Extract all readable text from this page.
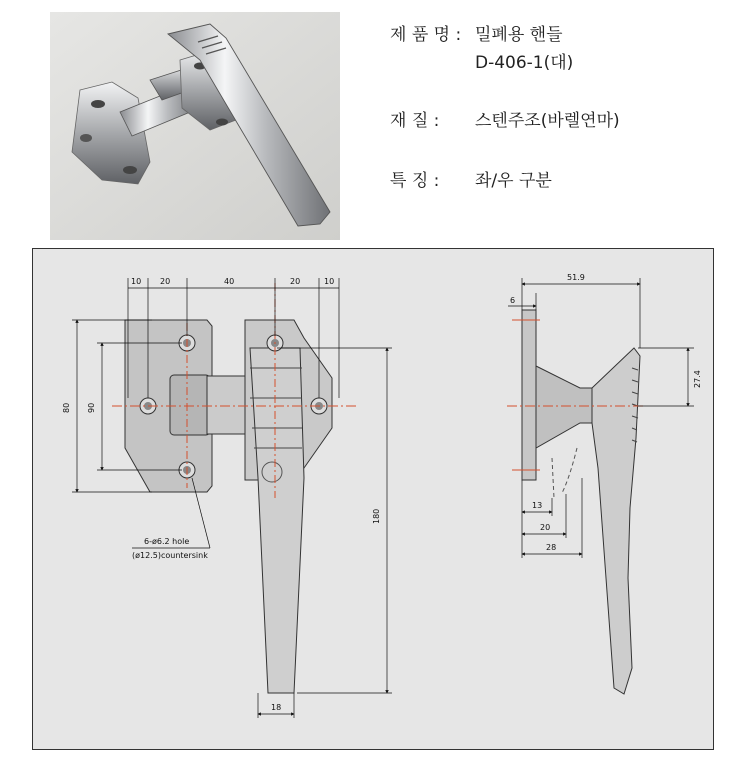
제 품 명 : 밀폐용 핸들
D-406-1(대)
재 질 : 스텐주조(바렐연마)
특 징 : 좌/우 구분
10 20	40	20	10
80 90
180
18
6-ø6.2 hole
(ø12.5)countersink
51.9
6
27.4
13
20
28
